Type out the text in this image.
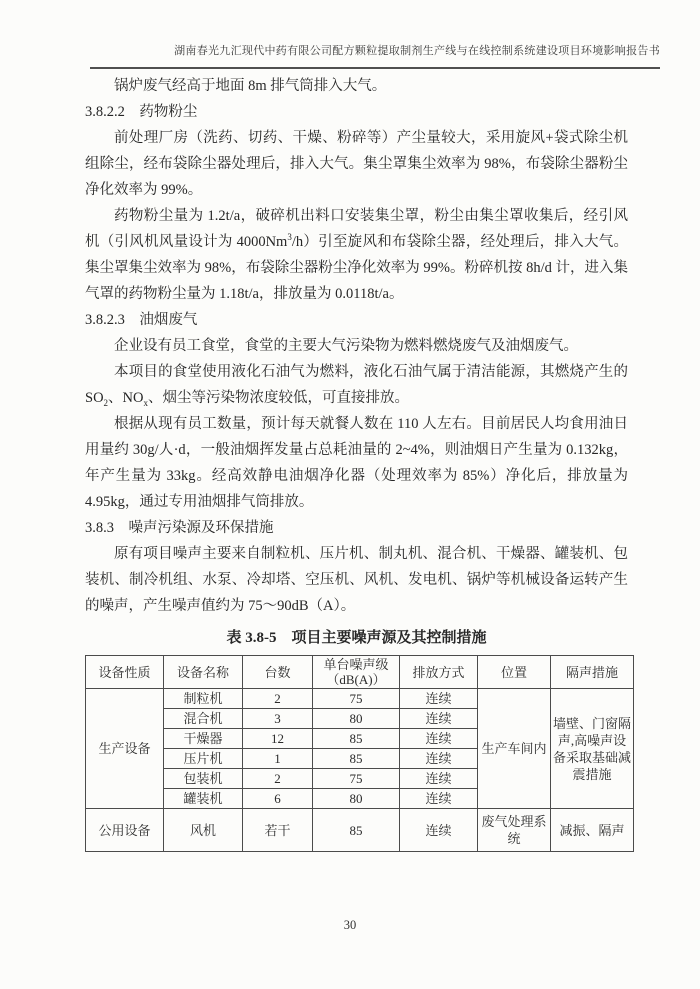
湖南春光九汇现代中药有限公司配方颗粒提取制剂生产线与在线控制系统建设项目环境影响报告书

锅炉废气经高于地面 8m 排气筒排入大气。

3.8.2.2　药物粉尘

前处理厂房（洗药、切药、干燥、粉碎等）产尘量较大，采用旋风+袋式除尘机组除尘，经布袋除尘器处理后，排入大气。集尘罩集尘效率为 98%，布袋除尘器粉尘净化效率为 99%。

药物粉尘量为 1.2t/a，破碎机出料口安装集尘罩，粉尘由集尘罩收集后，经引风机（引风机风量设计为 4000Nm$^3$/h）引至旋风和布袋除尘器，经处理后，排入大气。集尘罩集尘效率为 98%，布袋除尘器粉尘净化效率为 99%。粉碎机按 8h/d 计，进入集气罩的药物粉尘量为 1.18t/a，排放量为 0.0118t/a。

3.8.2.3　油烟废气

企业设有员工食堂，食堂的主要大气污染物为燃料燃烧废气及油烟废气。

本项目的食堂使用液化石油气为燃料，液化石油气属于清洁能源，其燃烧产生的$SO_2$、$NO_x$、烟尘等污染物浓度较低，可直接排放。

根据从现有员工数量，预计每天就餐人数在 110 人左右。目前居民人均食用油日用量约 30g/人·d，一般油烟挥发量占总耗油量的 2~4%，则油烟日产生量为 0.132kg，年产生量为 33kg。经高效静电油烟净化器（处理效率为 85%）净化后，排放量为 4.95kg，通过专用油烟排气筒排放。

3.8.3　噪声污染源及环保措施

原有项目噪声主要来自制粒机、压片机、制丸机、混合机、干燥器、罐装机、包装机、制冷机组、水泵、冷却塔、空压机、风机、发电机、锅炉等机械设备运转产生的噪声，产生噪声值约为 75～90dB（A）。

表 3.8-5　项目主要噪声源及其控制措施
设备性质	设备名称	台数	单台噪声级（dB(A)）	排放方式	位置	隔声措施
生产设备	制粒机	2	75	连续	生产车间内	墙壁、门窗隔声,高噪声设备采取基础减震措施
	混合机	3	80	连续		
	干燥器	12	85	连续		
	压片机	1	85	连续		
	包装机	2	75	连续		
	罐装机	6	80	连续		
公用设备	风机	若干	85	连续	废气处理系统	减振、隔声
30
